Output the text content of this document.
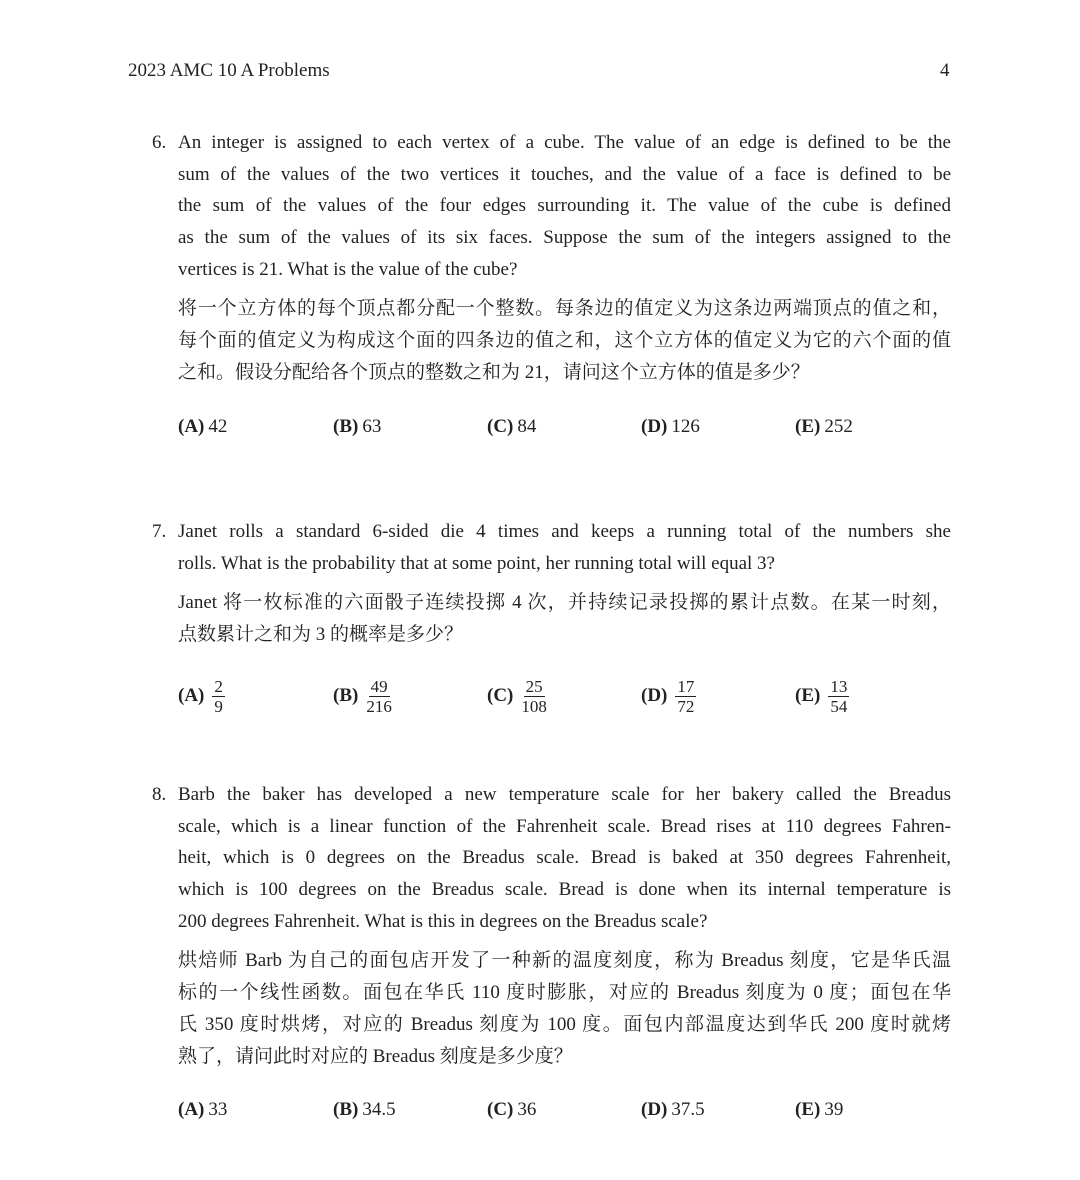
2023 AMC 10 A Problems	4
6. An integer is assigned to each vertex of a cube. The value of an edge is defined to be the
sum of the values of the two vertices it touches, and the value of a face is defined to be
the sum of the values of the four edges surrounding it. The value of the cube is defined
as the sum of the values of its six faces. Suppose the sum of the integers assigned to the
vertices is 21. What is the value of the cube?
将一个立方体的每个顶点都分配一个整数。每条边的值定义为这条边两端顶点的值之和，
每个面的值定义为构成这个面的四条边的值之和，这个立方体的值定义为它的六个面的值
之和。假设分配给各个顶点的整数之和为 21，请问这个立方体的值是多少？
(A) 42	(B) 63	(C) 84	(D) 126	(E) 252
7. Janet rolls a standard 6-sided die 4 times and keeps a running total of the numbers she
rolls. What is the probability that at some point, her running total will equal 3?
Janet 将一枚标准的六面骰子连续投掷 4 次，并持续记录投掷的累计点数。在某一时刻，
点数累计之和为 3 的概率是多少？
$(A) \frac{2}{9}$	$(B) \frac{49}{216}$	$(C) \frac{25}{108}$	$(D) \frac{17}{72}$	$(E) \frac{13}{54}$
8. Barb the baker has developed a new temperature scale for her bakery called the Breadus
scale, which is a linear function of the Fahrenheit scale. Bread rises at 110 degrees Fahren-
heit, which is 0 degrees on the Breadus scale. Bread is baked at 350 degrees Fahrenheit,
which is 100 degrees on the Breadus scale. Bread is done when its internal temperature is
200 degrees Fahrenheit. What is this in degrees on the Breadus scale?
烘焙师 Barb 为自己的面包店开发了一种新的温度刻度，称为 Breadus 刻度，它是华氏温
标的一个线性函数。面包在华氏 110 度时膨胀，对应的 Breadus 刻度为 0 度；面包在华
氏 350 度时烘烤，对应的 Breadus 刻度为 100 度。面包内部温度达到华氏 200 度时就烤
熟了，请问此时对应的 Breadus 刻度是多少度？
(A) 33	(B) 34.5	(C) 36	(D) 37.5	(E) 39
